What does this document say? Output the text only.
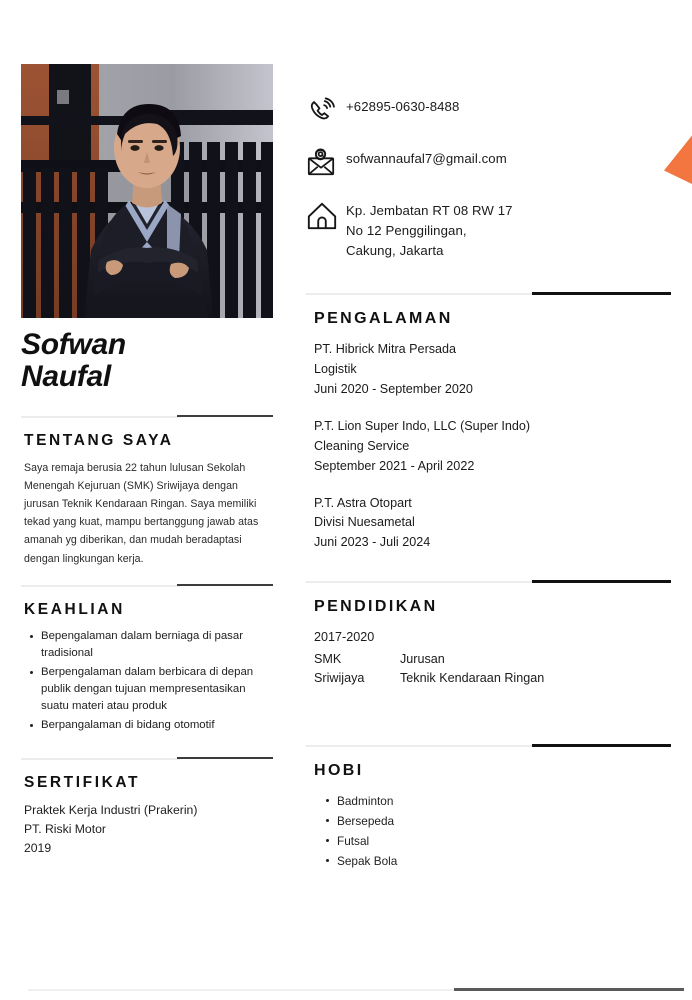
Sofwan
Naufal
TENTANG SAYA

Saya remaja berusia 22 tahun lulusan Sekolah Menengah Kejuruan (SMK) Sriwijaya dengan jurusan Teknik Kendaraan Ringan. Saya memiliki tekad yang kuat, mampu bertanggung jawab atas amanah yg diberikan, dan mudah beradaptasi dengan lingkungan kerja.

KEAHLIAN
Bepengalaman dalam berniaga di pasar tradisional
Berpengalaman dalam berbicara di depan publik dengan tujuan mempresentasikan suatu materi atau produk
Berpangalaman di bidang otomotif
SERTIFIKAT
Praktek Kerja Industri (Prakerin)
PT. Riski Motor
2019
+62895-0630-8488
sofwannaufal7@gmail.com
Kp. Jembatan RT 08 RW 17
No 12 Penggilingan,
Cakung, Jakarta
PENGALAMAN
PT. Hibrick Mitra Persada
Logistik
Juni 2020 - September 2020
P.T. Lion Super Indo, LLC (Super Indo)
Cleaning Service
September 2021 - April 2022
P.T. Astra Otopart
Divisi Nuesametal
Juni 2023 - Juli 2024
PENDIDIKAN
2017-2020
SMK
Sriwijaya
Jurusan
Teknik Kendaraan Ringan
HOBI
Badminton
Bersepeda
Futsal
Sepak Bola
